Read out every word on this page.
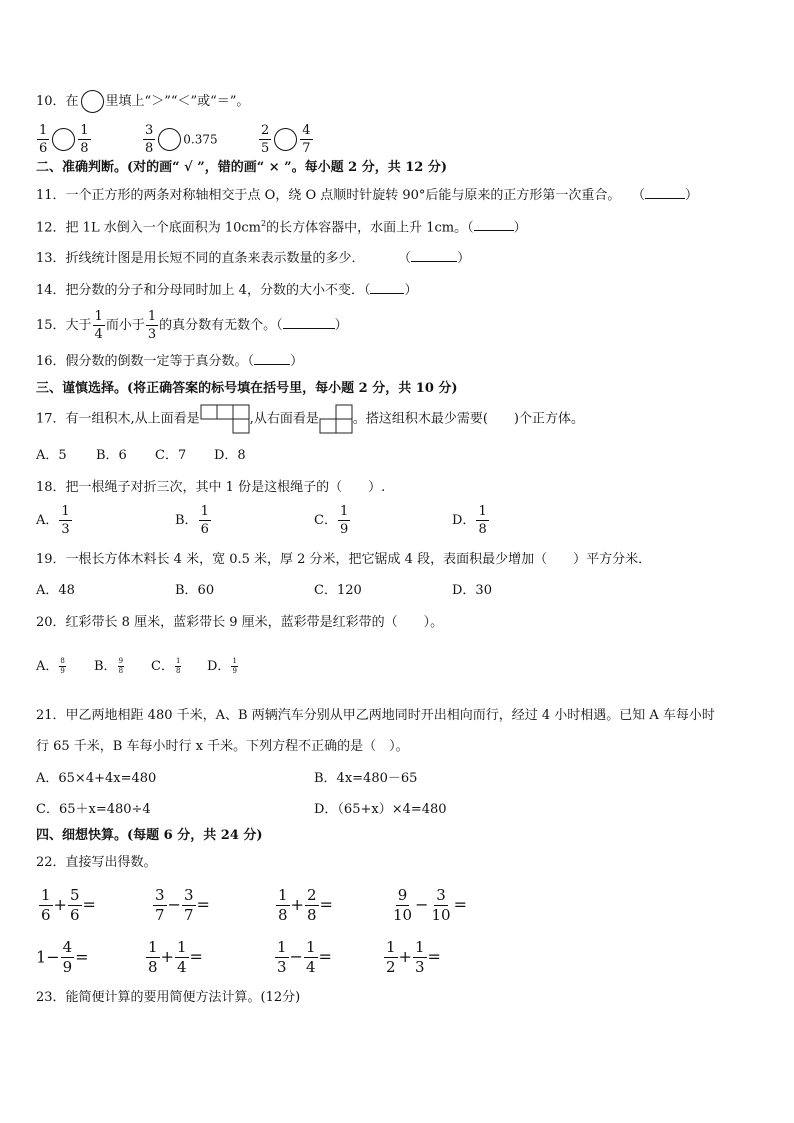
10．在 里填上“＞”“＜”或“＝”。
$\frac{1}{6} \frac{1}{8}$	$\frac{3}{8} 0.375$	$\frac{2}{5} \frac{4}{7}$
二、准确判断。(对的画“ √ ”，错的画“ × ”。每小题 2 分，共 12 分)
11．一个正方形的两条对称轴相交于点 O，绕 O 点顺时针旋转 90°后能与原来的正方形第一次重合。 （	）
12．把 1L 水倒入一个底面积为 $10cm^2$的长方体容器中，水面上升 1cm。（	）
13．折线统计图是用长短不同的直条来表示数量的多少．	（	）
14．把分数的分子和分母同时加上 4，分数的大小不变．（	）
15．大于 $\frac{1}{4}$ 而小于 $\frac{1}{3}$ 的真分数有无数个。（	）
16．假分数的倒数一定等于真分数。（	）
三、谨慎选择。(将正确答案的标号填在括号里，每小题 2 分，共 10 分)
17．有一组积木,从上面看是	,从右面看是	。搭这组积木最少需要(　　)个正方体。
A．5 B．6 C．7 D．8
18．把一根绳子对折三次，其中 1 份是这根绳子的（　　）.
A． $\frac{1}{3}$	B． $\frac{1}{6}$	C． $\frac{1}{9}$	D． $\frac{1}{8}$
19．一根长方体木料长 4 米，宽 0.5 米，厚 2 分米，把它锯成 4 段，表面积最少增加（　　）平方分米．
A．48	B．60	C．120	D．30
20．红彩带长 8 厘米，蓝彩带长 9 厘米，蓝彩带是红彩带的（　　）。
A． $\frac{8}{9}$ B． $\frac{9}{8}$ C． $\frac{1}{8}$ D． $\frac{1}{9}$
21．甲乙两地相距 480 千米，A、B 两辆汽车分别从甲乙两地同时开出相向而行，经过 4 小时相遇。已知 A 车每小时
行 65 千米，B 车每小时行 x 千米。下列方程不正确的是（　）。
A．65×4+4x=480	B．4x=480－65
C．65＋x=480÷4	D．（65+x）×4=480
四、细想快算。(每题 6 分，共 24 分)
22．直接写出得数。
$\frac{1}{6} + \frac{5}{6}$ =	$\frac{3}{7} - \frac{3}{7}$ =	$\frac{1}{8} + \frac{2}{8}$ =	$\frac{9}{10} - \frac{3}{10}$ =
$1- \frac{4}{9}$ =	$\frac{1}{8} + \frac{1}{4}$ =	$\frac{1}{3} - \frac{1}{4}$ =	$\frac{1}{2} + \frac{1}{3}$ =
23．能简便计算的要用简便方法计算。(12分)
